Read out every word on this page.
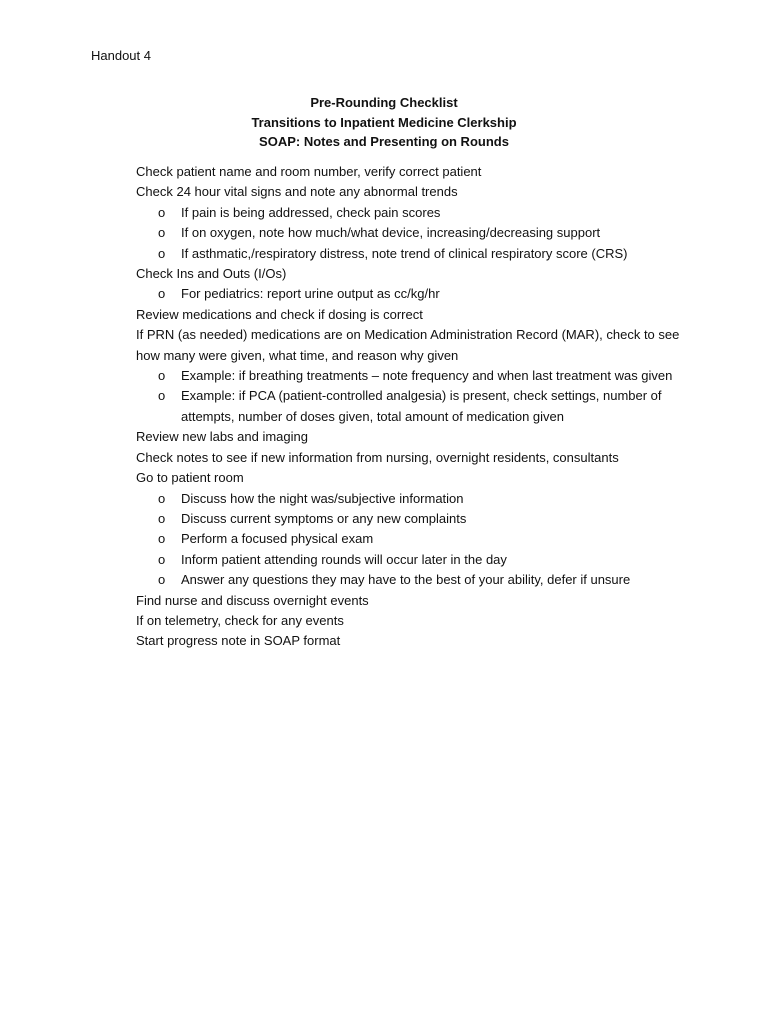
Handout 4
Pre-Rounding Checklist
Transitions to Inpatient Medicine Clerkship
SOAP: Notes and Presenting on Rounds
Check patient name and room number, verify correct patient
Check 24 hour vital signs and note any abnormal trends
o If pain is being addressed, check pain scores
o If on oxygen, note how much/what device, increasing/decreasing support
o If asthmatic,/respiratory distress, note trend of clinical respiratory score (CRS)
Check Ins and Outs (I/Os)
o For pediatrics: report urine output as cc/kg/hr
Review medications and check if dosing is correct
If PRN (as needed) medications are on Medication Administration Record (MAR), check to see how many were given, what time, and reason why given
o Example: if breathing treatments – note frequency and when last treatment was given
o Example: if PCA (patient-controlled analgesia) is present, check settings, number of attempts, number of doses given, total amount of medication given
Review new labs and imaging
Check notes to see if new information from nursing, overnight residents, consultants
Go to patient room
o Discuss how the night was/subjective information
o Discuss current symptoms or any new complaints
o Perform a focused physical exam
o Inform patient attending rounds will occur later in the day
o Answer any questions they may have to the best of your ability, defer if unsure
Find nurse and discuss overnight events
If on telemetry, check for any events
Start progress note in SOAP format
